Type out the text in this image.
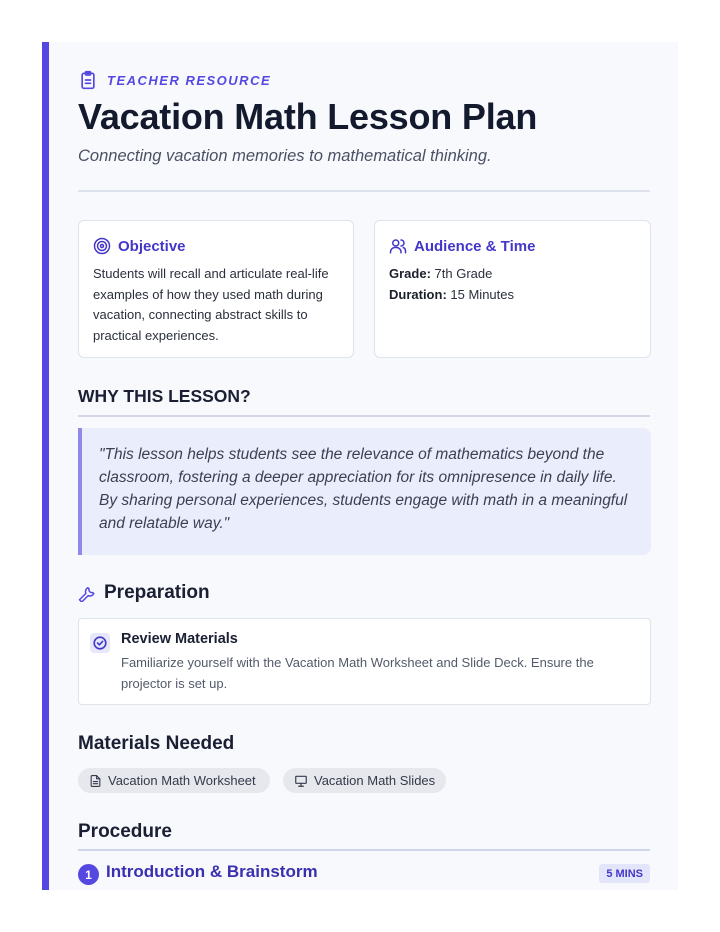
TEACHER RESOURCE
Vacation Math Lesson Plan
Connecting vacation memories to mathematical thinking.
Objective
Students will recall and articulate real-life examples of how they used math during vacation, connecting abstract skills to practical experiences.
Audience & Time
Grade: 7th Grade
Duration: 15 Minutes
WHY THIS LESSON?
"This lesson helps students see the relevance of mathematics beyond the classroom, fostering a deeper appreciation for its omnipresence in daily life. By sharing personal experiences, students engage with math in a meaningful and relatable way."
Preparation
Review Materials
Familiarize yourself with the Vacation Math Worksheet and Slide Deck. Ensure the projector is set up.
Materials Needed
Vacation Math Worksheet	Vacation Math Slides
Procedure
1 Introduction & Brainstorm	5 MINS
